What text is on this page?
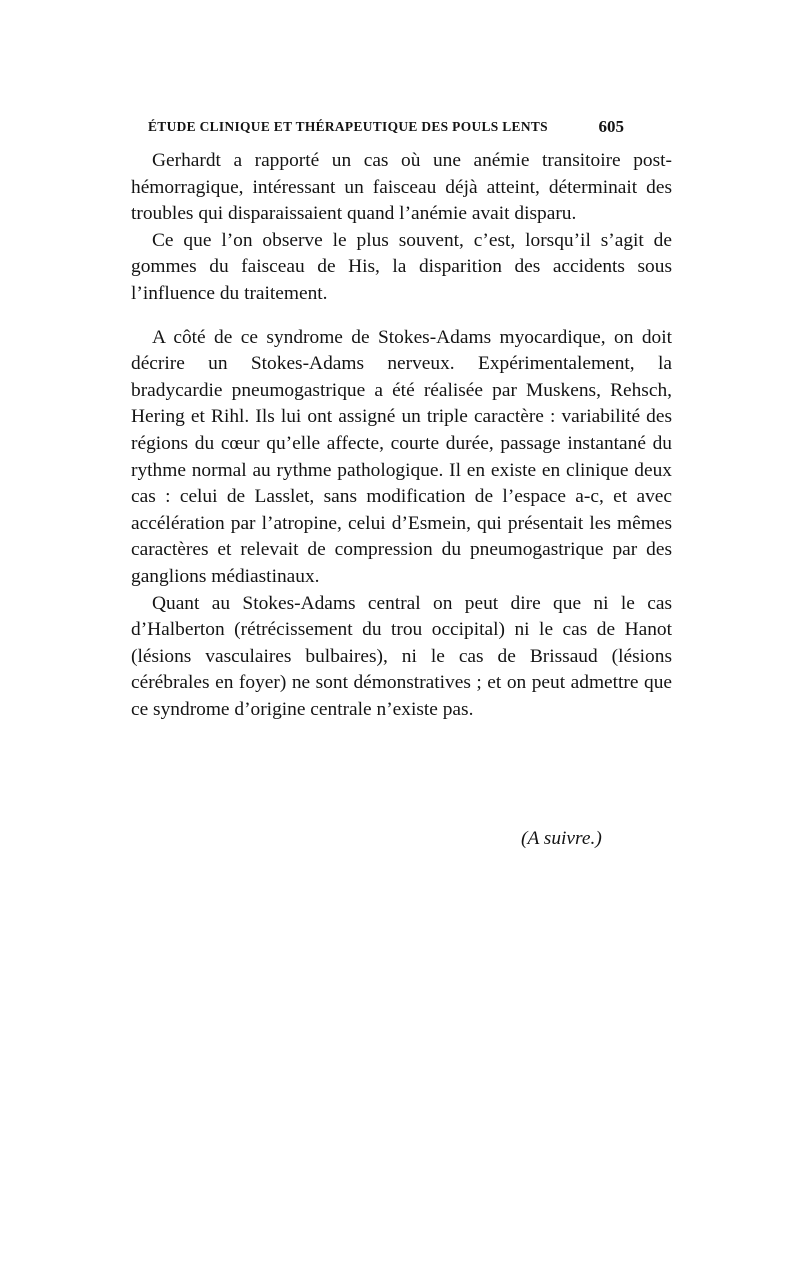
ÉTUDE CLINIQUE ET THÉRAPEUTIQUE DES POULS LENTS	605

Gerhardt a rapporté un cas où une anémie transitoire post-hémorragique, intéressant un faisceau déjà atteint, déterminait des troubles qui disparaissaient quand l’anémie avait disparu.

Ce que l’on observe le plus souvent, c’est, lorsqu’il s’agit de gommes du faisceau de His, la disparition des accidents sous l’influence du traitement.

A côté de ce syndrome de Stokes-Adams myocardique, on doit décrire un Stokes-Adams nerveux. Expérimentalement, la bradycardie pneumogastrique a été réalisée par Muskens, Rehsch, Hering et Rihl. Ils lui ont assigné un triple caractère : variabilité des régions du cœur qu’elle affecte, courte durée, passage instantané du rythme normal au rythme pathologique. Il en existe en clinique deux cas : celui de Lasslet, sans modification de l’espace a-c, et avec accélération par l’atropine, celui d’Esmein, qui présentait les mêmes caractères et relevait de compression du pneumogastrique par des ganglions médiastinaux.

Quant au Stokes-Adams central on peut dire que ni le cas d’Halberton (rétrécissement du trou occipital) ni le cas de Hanot (lésions vasculaires bulbaires), ni le cas de Brissaud (lésions cérébrales en foyer) ne sont démonstratives ; et on peut admettre que ce syndrome d’origine centrale n’existe pas.

(A suivre.)
